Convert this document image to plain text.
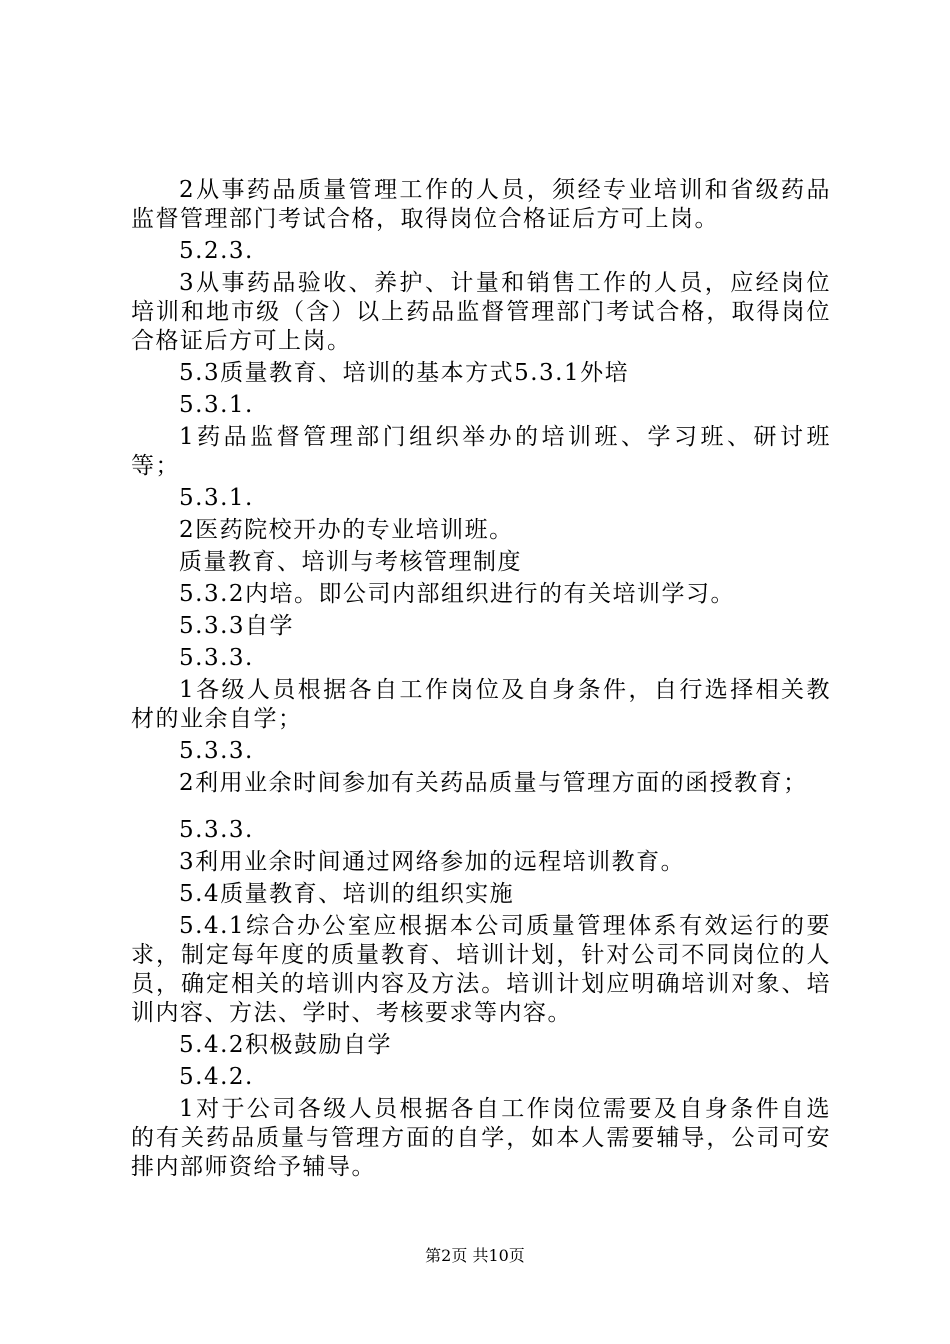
2从事药品质量管理工作的人员，须经专业培训和省级药品监督管理部门考试合格，取得岗位合格证后方可上岗。

5.2.3.

3从事药品验收、养护、计量和销售工作的人员，应经岗位培训和地市级（含）以上药品监督管理部门考试合格，取得岗位合格证后方可上岗。

5.3质量教育、培训的基本方式5.3.1外培

5.3.1.

1药品监督管理部门组织举办的培训班、学习班、研讨班等；

5.3.1.

2医药院校开办的专业培训班。

质量教育、培训与考核管理制度

5.3.2内培。即公司内部组织进行的有关培训学习。

5.3.3自学

5.3.3.

1各级人员根据各自工作岗位及自身条件，自行选择相关教材的业余自学；

5.3.3.

2利用业余时间参加有关药品质量与管理方面的函授教育；

5.3.3.

3利用业余时间通过网络参加的远程培训教育。

5.4质量教育、培训的组织实施

5.4.1综合办公室应根据本公司质量管理体系有效运行的要求，制定每年度的质量教育、培训计划，针对公司不同岗位的人员，确定相关的培训内容及方法。培训计划应明确培训对象、培训内容、方法、学时、考核要求等内容。

5.4.2积极鼓励自学

5.4.2.

1对于公司各级人员根据各自工作岗位需要及自身条件自选的有关药品质量与管理方面的自学，如本人需要辅导，公司可安排内部师资给予辅导。

第2页 共10页
